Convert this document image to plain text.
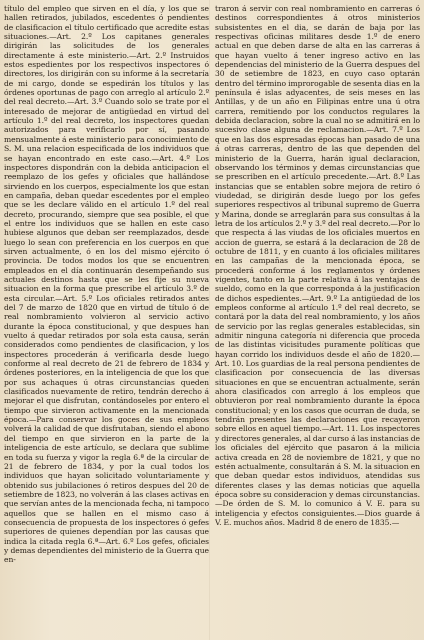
título del empleo que sirven en el día, y los que se hallen retirados, jubilados, escedentes ó pendientes de clasificacion el título certificado que acredite estas situaciones.—Art. 2.º Los capitanes generales dirigirán las solicitudes de los generales directamente á este ministerio.—Art. 2.º Instruidos estos espedientes por los respectivos inspectores ó directores, los dirigirán con su informe á la secretaría de mi cargo, donde se espedirán los títulos y las órdenes oportunas de pago con arreglo al artículo 2.º del real decreto.—Art. 3.º Cuando solo se trate por el interesado de mejorar de antigüedad en virtud del artículo 1.º del real decreto, los inspectores quedan autorizados para verificarlo por sí, pasando mensualmente á este ministerio para conocimiento de S. M. una relacion especificada de los individuos que se hayan encontrado en este caso.—Art. 4.º Los inspectores dispondrán con la debida anticipacion el reemplazo de los gefes y oficiales que hallándose sirviendo en los cuerpos, especialmente los que estan en campaña, deban quedar escedentes por el empleo que se les declare válido en el artículo 1.º del real decreto, procurando, siempre que sea posible, el que el entre los individuos que se hallen en este caso hubiese algunos que deban ser reemplazados, desde luego lo sean con preferencia en los cuerpos en que sirven actualmente, ó en los del mismo ejército ó provincia. De todos modos los que se encuentren empleados en el día continuarán desempeñando sus actuales destinos hasta que se les fije su nueva situacion en la forma que prescribe el artículo 3.º de esta circular.—Art. 5.º Los oficiales retirados antes del 7 de marzo de 1820 que en virtud de título ó de real nombramiento volvieron al servicio activo durante la época constitucional, y que despues han vuelto á quedar retirados por sola esta causa, serán considerados como pendientes de clasificacion, y los inspectores procederán á verificarla desde luego conforme al real decreto de 21 de febrero de 1834 y órdenes posteriores, en la inteligencia de que los que por sus achaques ú otras circunstancias queden clasificados nuevamente de retiro, tendrán derecho á mejorar el que disfrutan, contándoseles por entero el tiempo que sirvieron activamente en la mencionada época.—Para conservar los goces de sus empleos volverá la calidad de que disfrutaban, siendo el abono del tiempo en que sirvieron en la parte de la inteligencia de este artículo, se declara que sublime en toda su fuerza y vigor la regla 6.ª de la circular de 21 de febrero de 1834, y por la cual todos los individuos que hayan solicitado voluntariamente y obtenido sus jubilaciones ó retiros despues del 20 de setiembre de 1823, no volverán á las clases activas en que servían antes de la mencionada fecha, ni tampoco aquellos que se hallen en el mismo caso á consecuencia de propuesta de los inspectores ó gefes superiores de quienes dependían por las causas que indica la citada regla 6.ª—Art. 6.º Los gefes, oficiales y demas dependientes del ministerio de la Guerra que en-

traron á servir con real nombramiento en carreras ó destinos correspondientes á otros ministerios subsistentes en el dia, se darán de baja por las respectivas oficinas militares desde 1.º de enero actual en que deben darse de alta en las carreras á que hayan vuelto á tener ingreso activo en las dependencias del ministerio de la Guerra despues del 30 de setiembre de 1823, en cuyo caso optarán dentro del término improrogable de sesenta dias en la península é islas adyacentes, de seis meses en las Antillas, y de un año en Filipinas entre una ú otra carrera, remitiendo por los conductos regulares la debida declaracion, sobre la cual no se admitirá en lo sucesivo clase alguna de reclamacion.—Art. 7.º Los que en las dos espresadas épocas han pasado de una á otras carreras, dentro de las que dependen del ministerio de la Guerra, harán igual declaracion, observando los términos y demas circunstancias que se prescriben en el artículo precedente.—Art. 8.º Las instancias que se entablen sobre mejora de retiro ó viudedad, se dirigirán desde luego por los gefes superiores respectivos al tribunal supremo de Guerra y Marina, donde se arreglarán para sus consultas á la letra de los artículos 2.º y 3.º del real decreto.—Por lo que respecta á las viudas de los oficiales muertos en accion de guerra, se estará á la declaracion de 28 de octubre de 1811, y en cuanto á los oficiales militares en las campañas de la mencionada época, se procederá conforme á los reglamentos y órdenes vigentes, tanto en la parte relativa á las ventajas de sueldo, como en la que corresponda á la justificacion de dichos espedientes.—Art. 9.º La antigüedad de los empleos conforme al artículo 1.º del real decreto, se contará por la data del real nombramiento, y los años de servicio por las reglas generales establecidas, sin admitir ninguna categoría ni diferencia que proceda de las distintas vicisitudes puramente políticas que hayan corrido los individuos desde el año de 1820.—Art. 10. Los guardias de la real persona pendientes de clasificacion por consecuencia de las diversas situaciones en que se encuentran actualmente, serán ahora clasificados con arreglo á los empleos que obtuvieron por real nombramiento durante la época constitucional; y en los casos que ocurran de duda, se tendrán presentes las declaraciones que recayeron sobre ellos en aquel tiempo.—Art. 11. Los inspectores y directores generales, al dar curso á las instancias de los oficiales del ejército que pasaron á la milicia activa creada en 28 de noviembre de 1821, y que no estén actualmente, consultarán á S. M. la situacion en que deban quedar estos individuos, atendidas sus diferentes clases y las demas noticias que aquella época sobre su consideracion y demas circunstancias.—De órden de S. M. lo comunico á V. E. para su inteligencia y efectos consiguientes.—Dios guarde á V. E. muchos años. Madrid 8 de enero de 1835.—
